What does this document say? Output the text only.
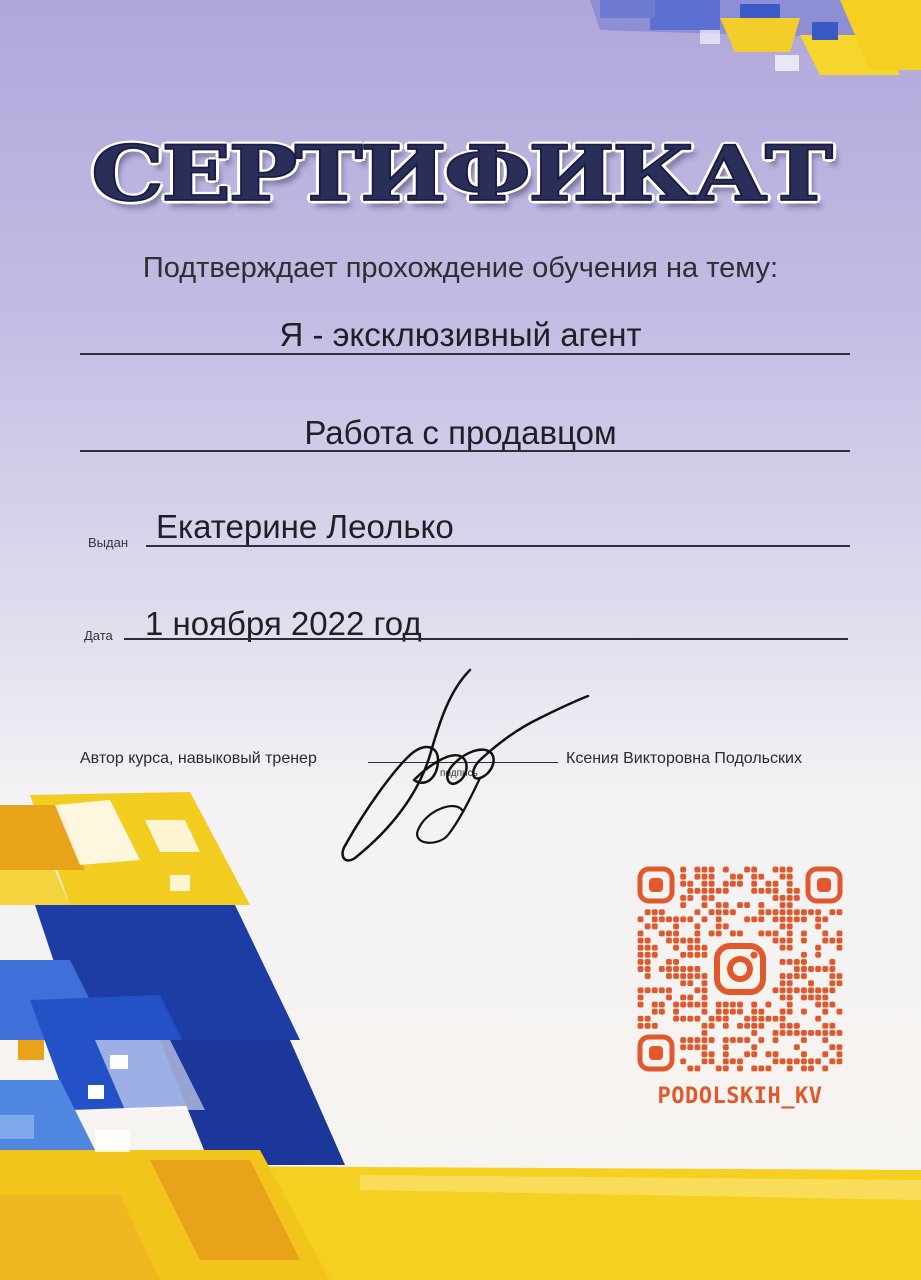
СЕРТИФИКАТ
Подтверждает прохождение обучения на тему:
Я - эксклюзивный агент
Работа с продавцом
Выдан Екатерине Леолько
Дата 1 ноября 2022 год
Автор курса, навыковый тренер
подпись
Ксения Викторовна Подольских
PODOLSKIH_KV
